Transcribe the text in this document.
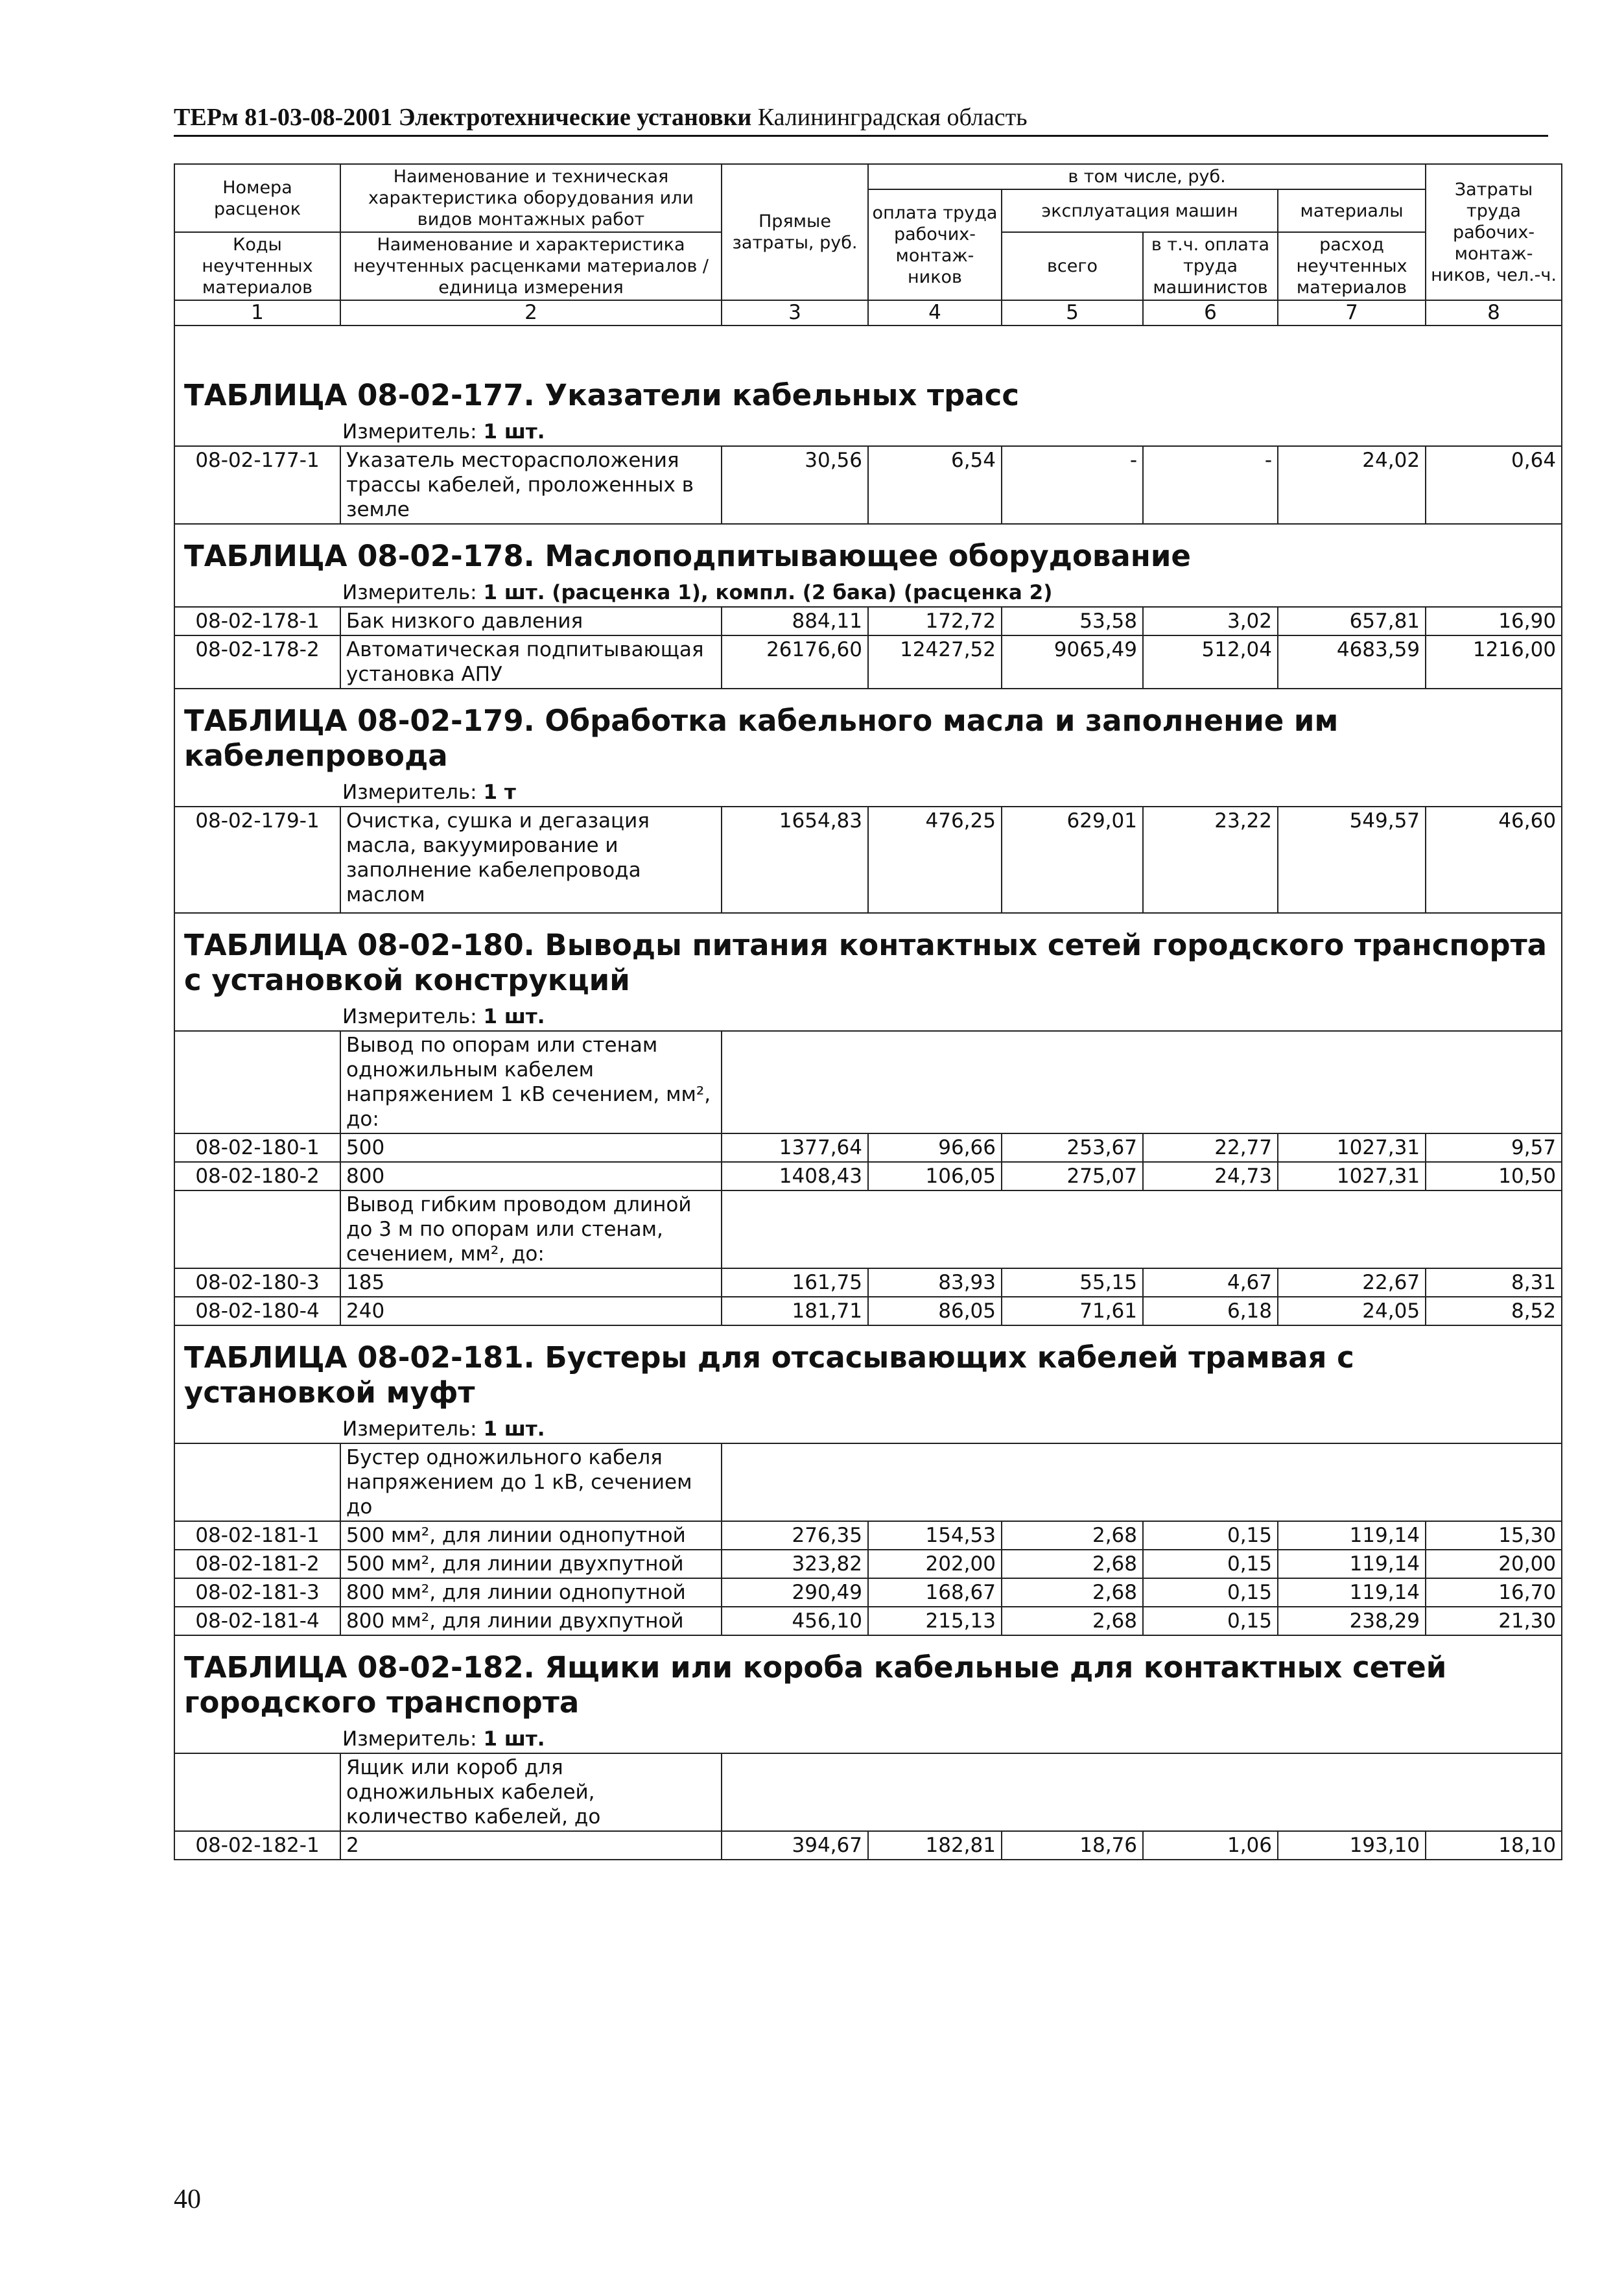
ТЕРм 81-03-08-2001 Электротехнические установки Калининградская область
Номера расценок	Наименование и техническая характеристика оборудования или видов монтажных работ	Прямые затраты, руб.	в том числе, руб.				Затраты труда рабочих-монтаж-ников, чел.-ч.
			оплата труда рабочих-монтаж-ников	эксплуатация машин		материалы	
Коды неучтенных материалов	Наименование и характеристика неучтенных расценками материалов / единица измерения			всего	в т.ч. оплата труда машинистов	расход неучтенных материалов	

1	2	3	4	5	6	7	8

ТАБЛИЦА 08-02-177. Указатели кабельных трасс							

Измеритель: 1 шт.							
08-02-177-1	Указатель месторасположения трассы кабелей, проложенных в земле	30,56	6,54	-	-	24,02	0,64

ТАБЛИЦА 08-02-178. Маслоподпитывающее оборудование							

Измеритель: 1 шт. (расценка 1), компл. (2 бака) (расценка 2)							
08-02-178-1	Бак низкого давления	884,11	172,72	53,58	3,02	657,81	16,90
08-02-178-2	Автоматическая подпитывающая установка АПУ	26176,60	12427,52	9065,49	512,04	4683,59	1216,00

ТАБЛИЦА 08-02-179. Обработка кабельного масла и заполнение им кабелепровода							

Измеритель: 1 т							
08-02-179-1	Очистка, сушка и дегазация масла, вакуумирование и заполнение кабелепровода маслом	1654,83	476,25	629,01	23,22	549,57	46,60

ТАБЛИЦА 08-02-180. Выводы питания контактных сетей городского транспорта с установкой конструкций							

Измеритель: 1 шт.							
	Вывод по опорам или стенам одножильным кабелем напряжением 1 кВ сечением, мм², до:						
08-02-180-1	500	1377,64	96,66	253,67	22,77	1027,31	9,57
08-02-180-2	800	1408,43	106,05	275,07	24,73	1027,31	10,50
	Вывод гибким проводом длиной до 3 м по опорам или стенам, сечением, мм², до:						
08-02-180-3	185	161,75	83,93	55,15	4,67	22,67	8,31
08-02-180-4	240	181,71	86,05	71,61	6,18	24,05	8,52

ТАБЛИЦА 08-02-181. Бустеры для отсасывающих кабелей трамвая с установкой муфт							

Измеритель: 1 шт.							
	Бустер одножильного кабеля напряжением до 1 кВ, сечением до						
08-02-181-1	500 мм², для линии однопутной	276,35	154,53	2,68	0,15	119,14	15,30
08-02-181-2	500 мм², для линии двухпутной	323,82	202,00	2,68	0,15	119,14	20,00
08-02-181-3	800 мм², для линии однопутной	290,49	168,67	2,68	0,15	119,14	16,70
08-02-181-4	800 мм², для линии двухпутной	456,10	215,13	2,68	0,15	238,29	21,30

ТАБЛИЦА 08-02-182. Ящики или короба кабельные для контактных сетей городского транспорта							

Измеритель: 1 шт.							
	Ящик или короб для одножильных кабелей, количество кабелей, до						
08-02-182-1	2	394,67	182,81	18,76	1,06	193,10	18,10
40
